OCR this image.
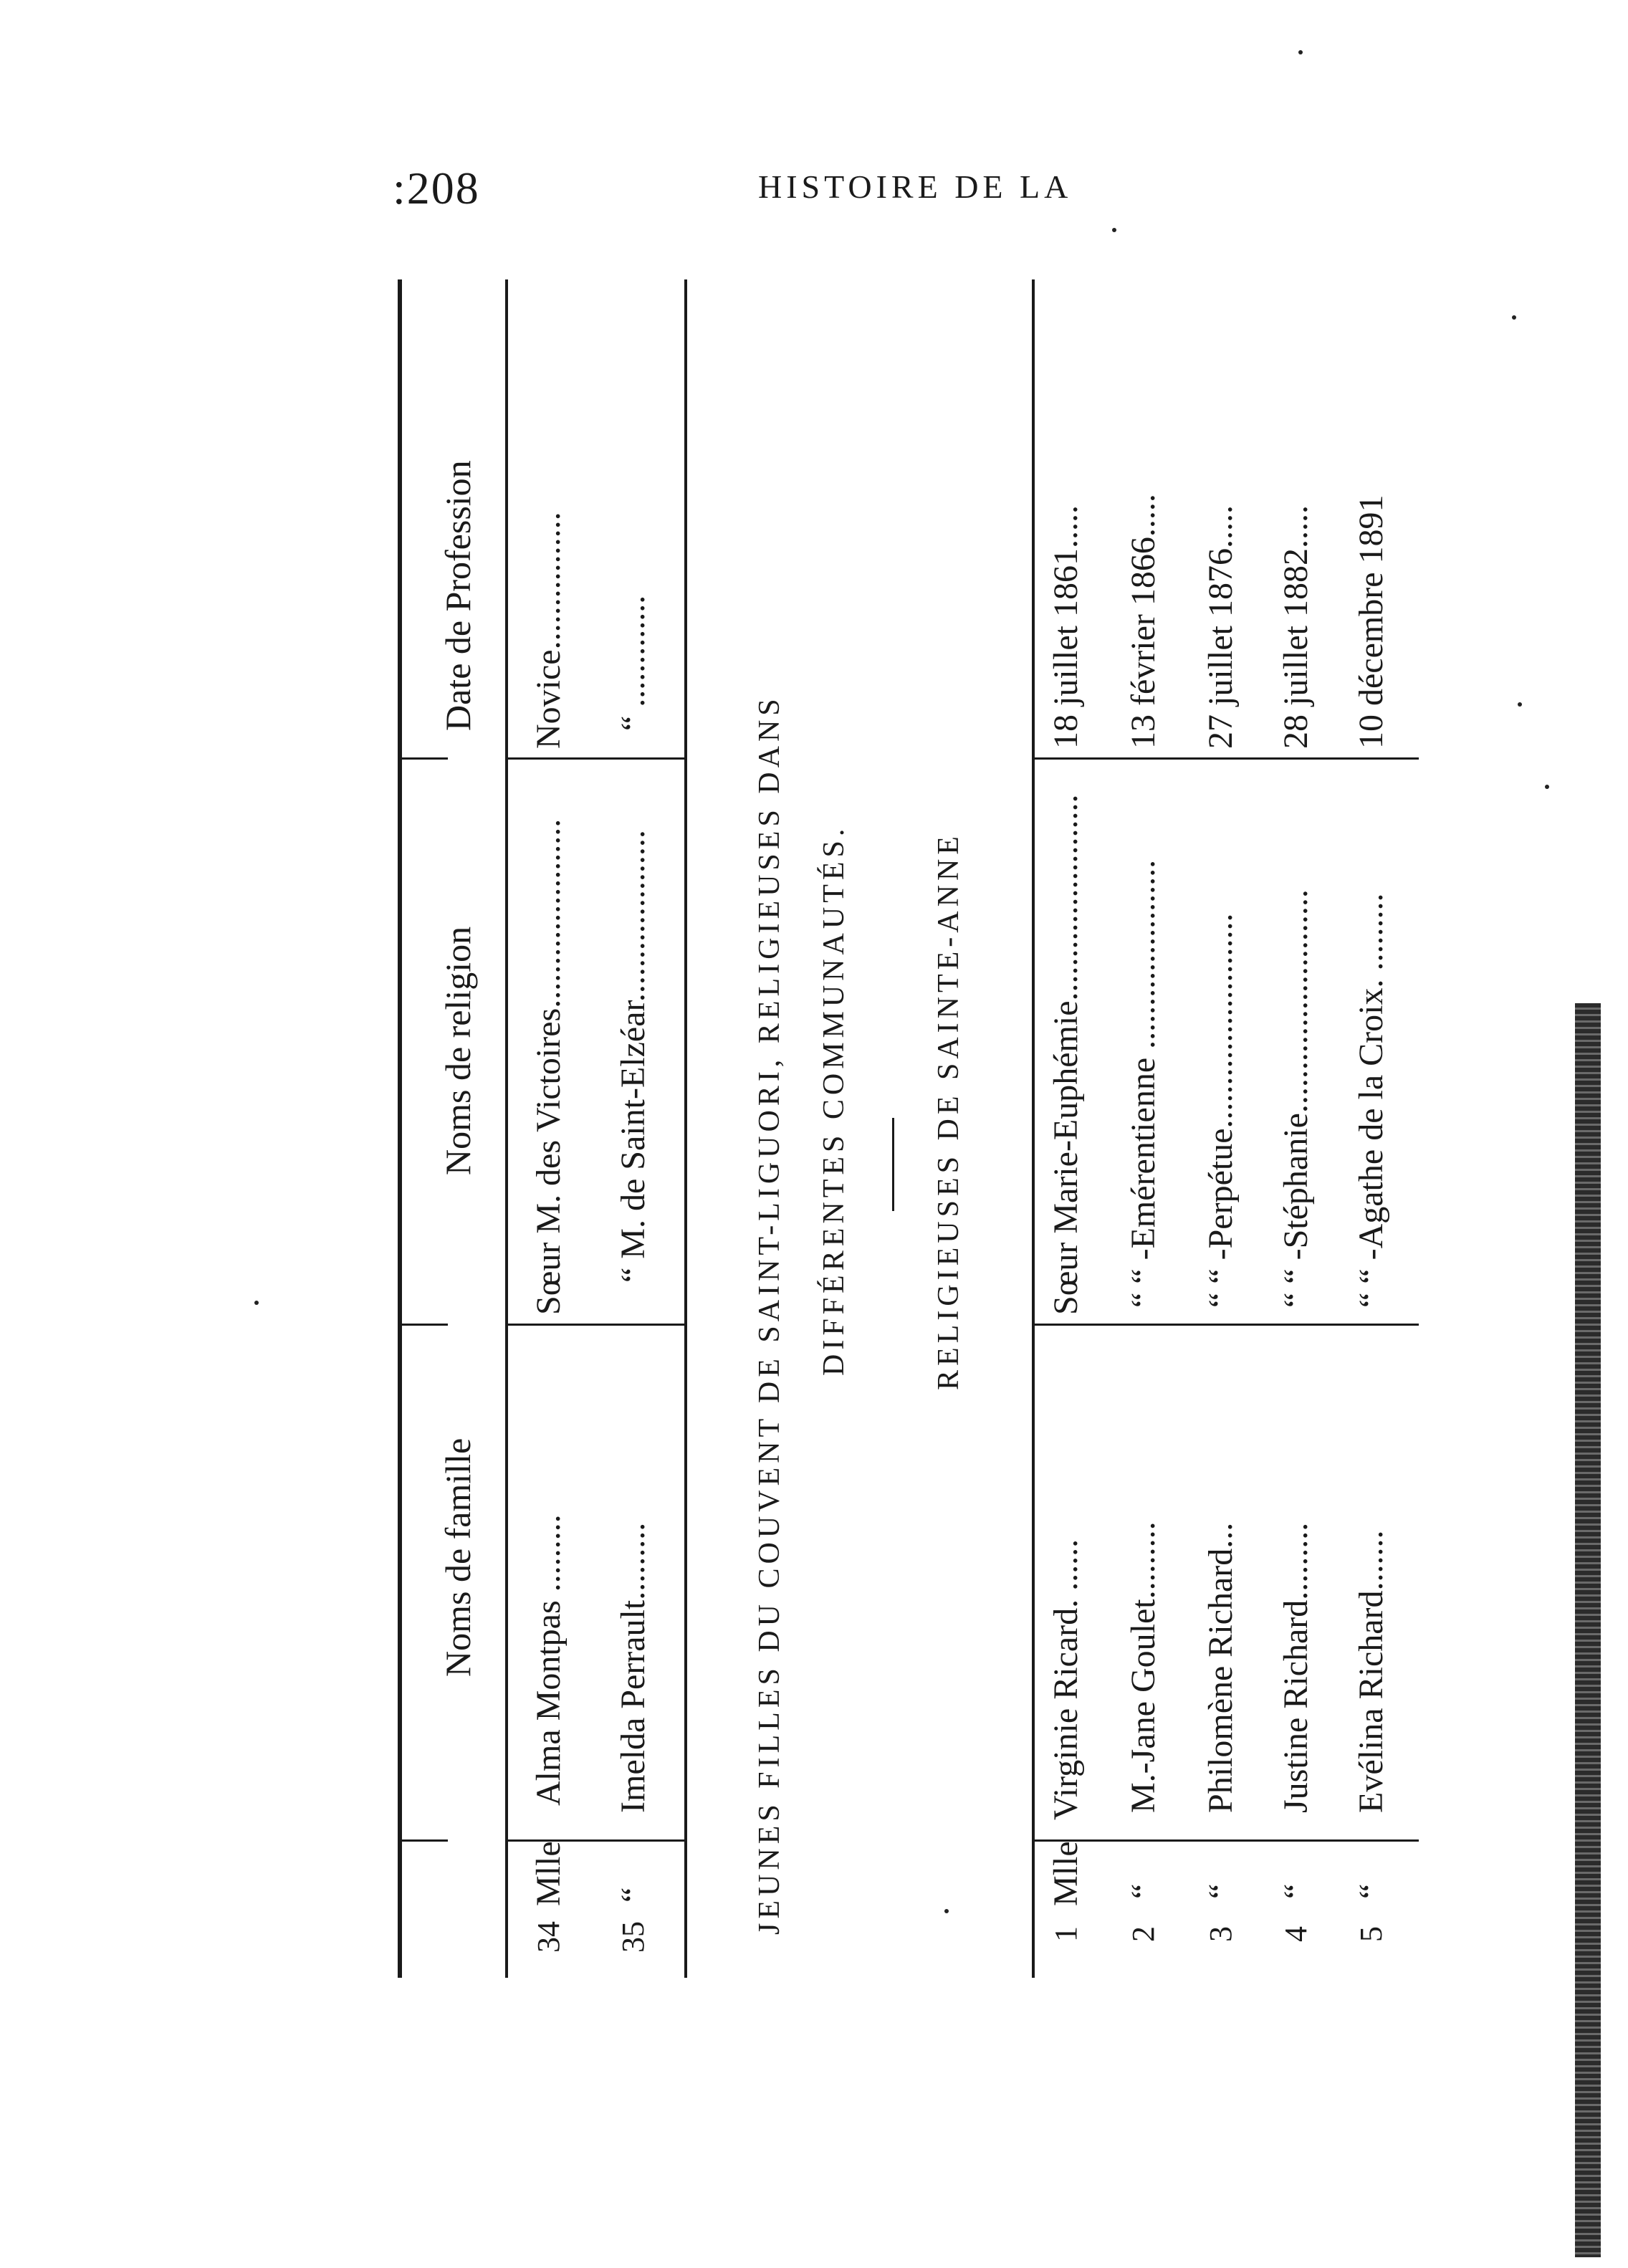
:208	HISTOIRE DE LA
Noms de famille
Noms de religion
Date de Profession
34
Mlle
Alma Montpas .........
Sœur M. des Victoires......................
Novice................
35
“
Imelda Perrault.........
“ M. de Saint-Elzéar....................
“ .............
JEUNES FILLES DU COUVENT DE SAINT-LIGUORI, RELIGIEUSES DANS DIFFÉRENTES COMMUNAUTÉS.	RELIGIEUSES DE SAINTE-ANNE
1
Mlle
Virginie Ricard. ......
Sœur Marie-Euphémie........................
18 juillet 1861.....
2
“
M.-Jane Goulet.........
“ “ -Emérentienne ......................
13 février 1866.....
3
“
Philomène Richard...
“ “ -Perpétue.........................
27 juillet 1876.....
4
“
Justine Richard.........
“ “ -Stéphanie..........................
28 juillet 1882.....
5
“
Evélina Richard.......
“ “ -Agathe de la Croix. .........
10 décembre 1891
